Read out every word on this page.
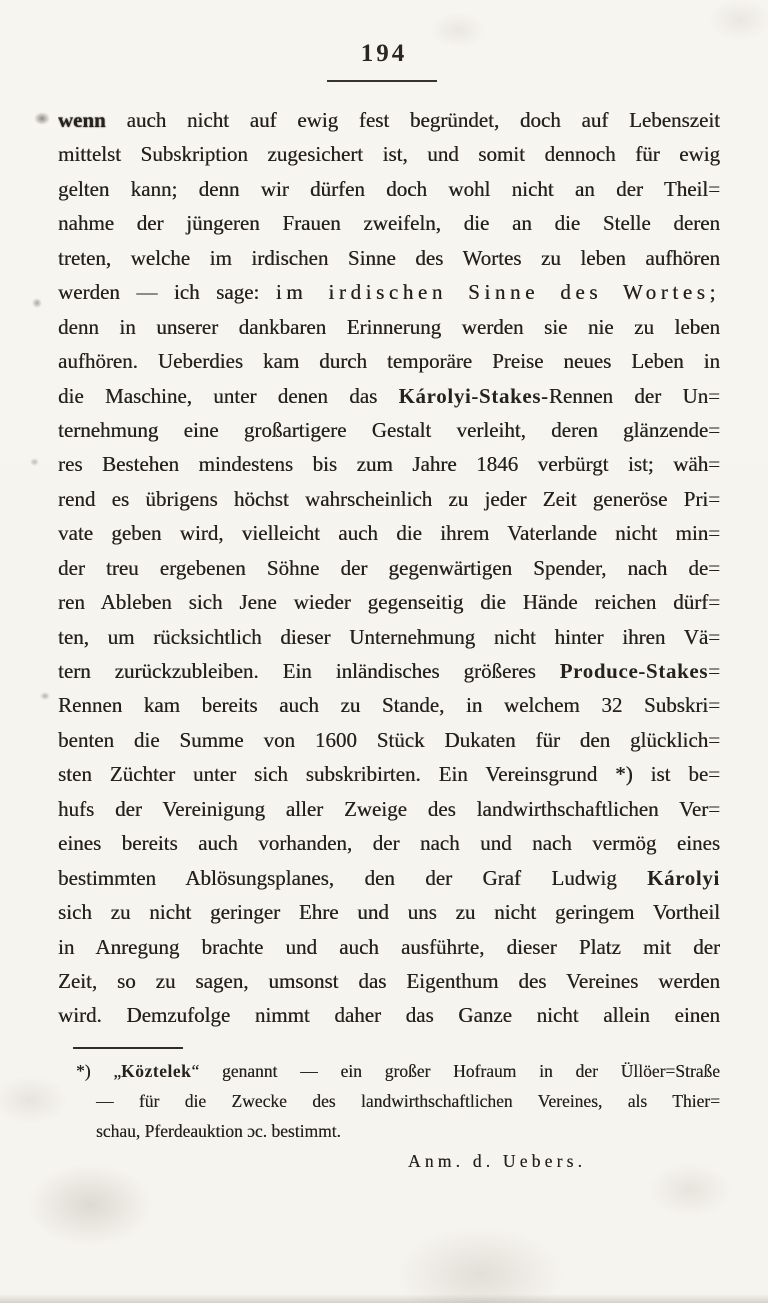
194
wenn auch nicht auf ewig fest begründet, doch auf Lebenszeit
mittelst Subskription zugesichert ist, und somit dennoch für ewig
gelten kann; denn wir dürfen doch wohl nicht an der Theil=
nahme der jüngeren Frauen zweifeln, die an die Stelle deren
treten, welche im irdischen Sinne des Wortes zu leben aufhören
werden — ich sage: im irdischen Sinne des Wortes;
denn in unserer dankbaren Erinnerung werden sie nie zu leben
aufhören. Ueberdies kam durch temporäre Preise neues Leben in
die Maschine, unter denen das Károlyi-Stakes-Rennen der Un=
ternehmung eine großartigere Gestalt verleiht, deren glänzende=
res Bestehen mindestens bis zum Jahre 1846 verbürgt ist; wäh=
rend es übrigens höchst wahrscheinlich zu jeder Zeit generöse Pri=
vate geben wird, vielleicht auch die ihrem Vaterlande nicht min=
der treu ergebenen Söhne der gegenwärtigen Spender, nach de=
ren Ableben sich Jene wieder gegenseitig die Hände reichen dürf=
ten, um rücksichtlich dieser Unternehmung nicht hinter ihren Vä=
tern zurückzubleiben. Ein inländisches größeres Produce-Stakes=
Rennen kam bereits auch zu Stande, in welchem 32 Subskri=
benten die Summe von 1600 Stück Dukaten für den glücklich=
sten Züchter unter sich subskribirten. Ein Vereinsgrund *) ist be=
hufs der Vereinigung aller Zweige des landwirthschaftlichen Ver=
eines bereits auch vorhanden, der nach und nach vermög eines
bestimmten Ablösungsplanes, den der Graf Ludwig Károlyi
sich zu nicht geringer Ehre und uns zu nicht geringem Vortheil
in Anregung brachte und auch ausführte, dieser Platz mit der
Zeit, so zu sagen, umsonst das Eigenthum des Vereines werden
wird. Demzufolge nimmt daher das Ganze nicht allein einen
*) „Köztelek“ genannt — ein großer Hofraum in der Üllöer=Straße
— für die Zwecke des landwirthschaftlichen Vereines, als Thier=
schau, Pferdeauktion ɔc. bestimmt.
Anm. d. Uebers.
